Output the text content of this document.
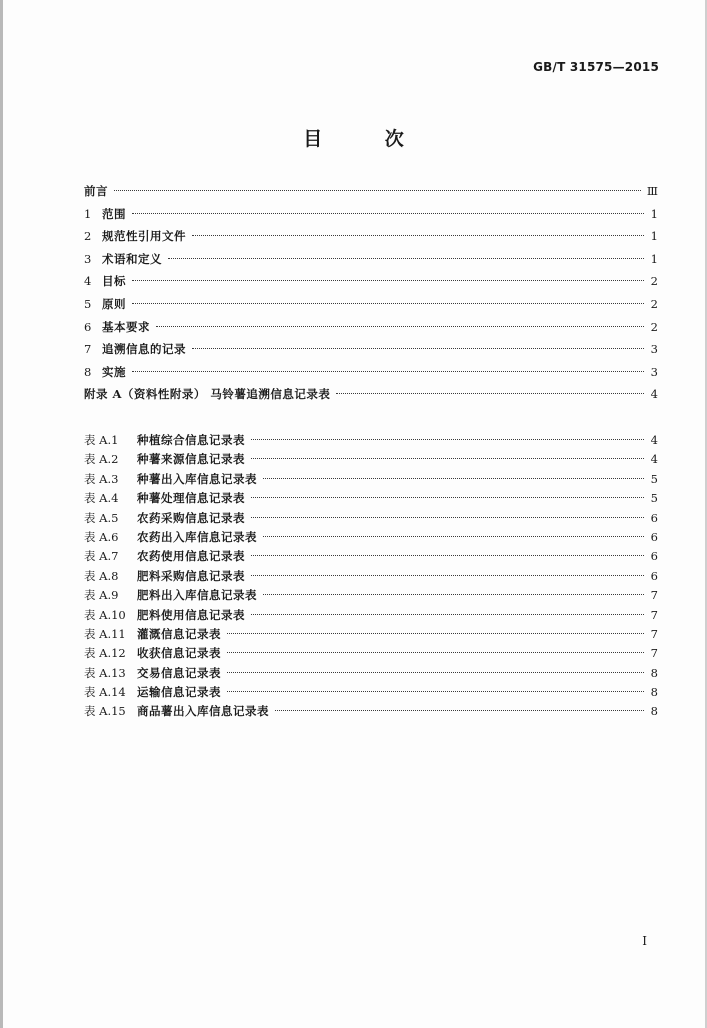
GB/T 31575—2015
目 次
前言	Ⅲ
1 范围	1
2 规范性引用文件	1
3 术语和定义	1
4 目标	2
5 原则	2
6 基本要求	2
7 追溯信息的记录	3
8 实施	3
附录 A（资料性附录） 马铃薯追溯信息记录表	4
表 A.1	种植综合信息记录表	4
表 A.2	种薯来源信息记录表	4
表 A.3	种薯出入库信息记录表	5
表 A.4	种薯处理信息记录表	5
表 A.5	农药采购信息记录表	6
表 A.6	农药出入库信息记录表	6
表 A.7	农药使用信息记录表	6
表 A.8	肥料采购信息记录表	6
表 A.9	肥料出入库信息记录表	7
表 A.10 肥料使用信息记录表	7
表 A.11 灌溉信息记录表	7
表 A.12 收获信息记录表	7
表 A.13 交易信息记录表	8
表 A.14 运输信息记录表	8
表 A.15 商品薯出入库信息记录表	8
I
